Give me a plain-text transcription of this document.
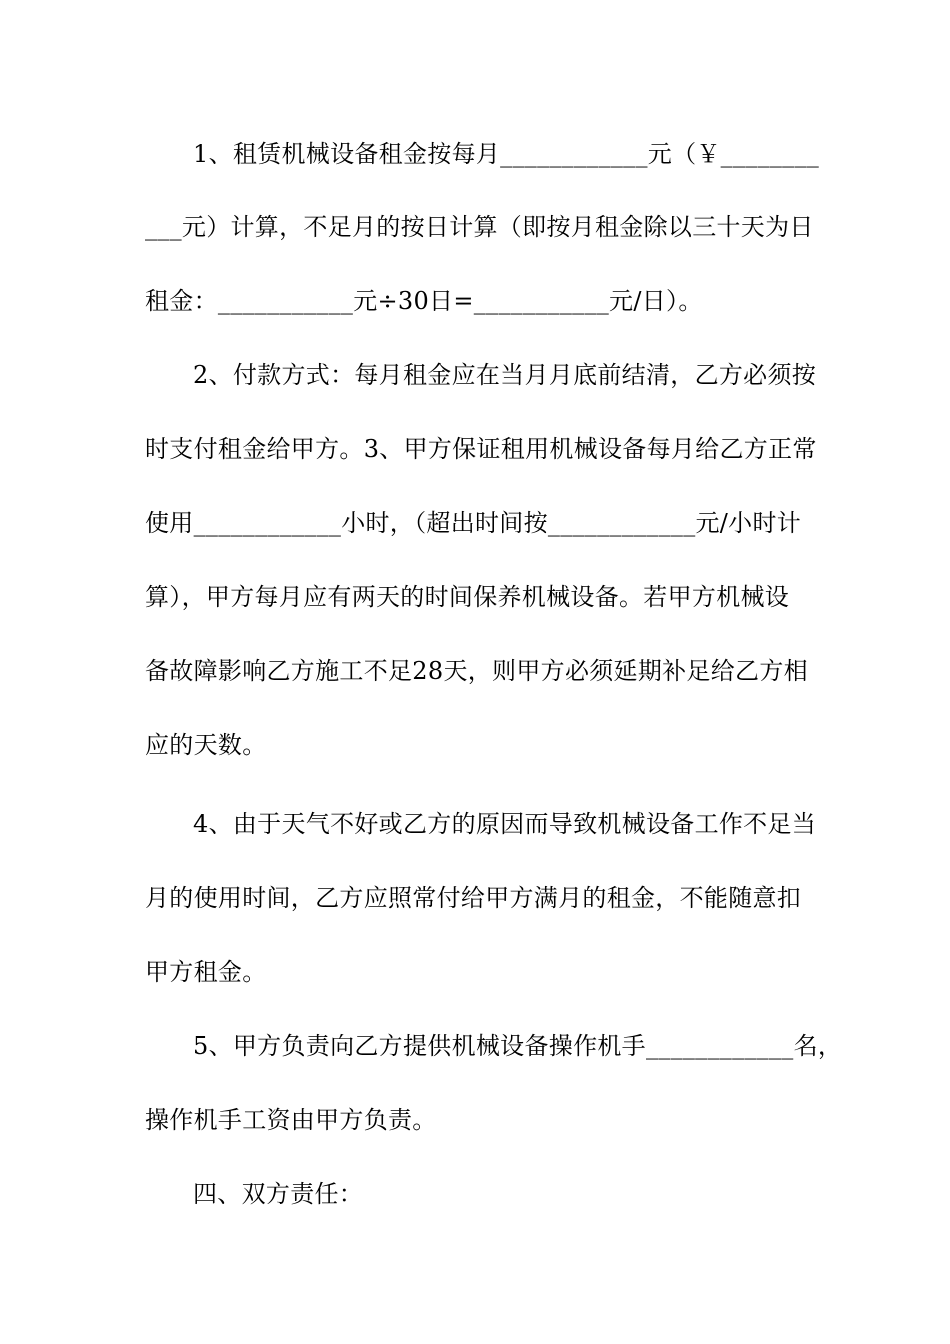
1、租赁机械设备租金按每月____________元（￥________
___元）计算，不足月的按日计算（即按月租金除以三十天为日
租金：___________元÷30日=___________元/日）。
2、付款方式：每月租金应在当月月底前结清，乙方必须按
时支付租金给甲方。3、甲方保证租用机械设备每月给乙方正常
使用____________小时，（超出时间按____________元/小时计
算），甲方每月应有两天的时间保养机械设备。若甲方机械设
备故障影响乙方施工不足28天，则甲方必须延期补足给乙方相
应的天数。
4、由于天气不好或乙方的原因而导致机械设备工作不足当
月的使用时间，乙方应照常付给甲方满月的租金，不能随意扣
甲方租金。
5、甲方负责向乙方提供机械设备操作机手____________名，
操作机手工资由甲方负责。
四、双方责任：
